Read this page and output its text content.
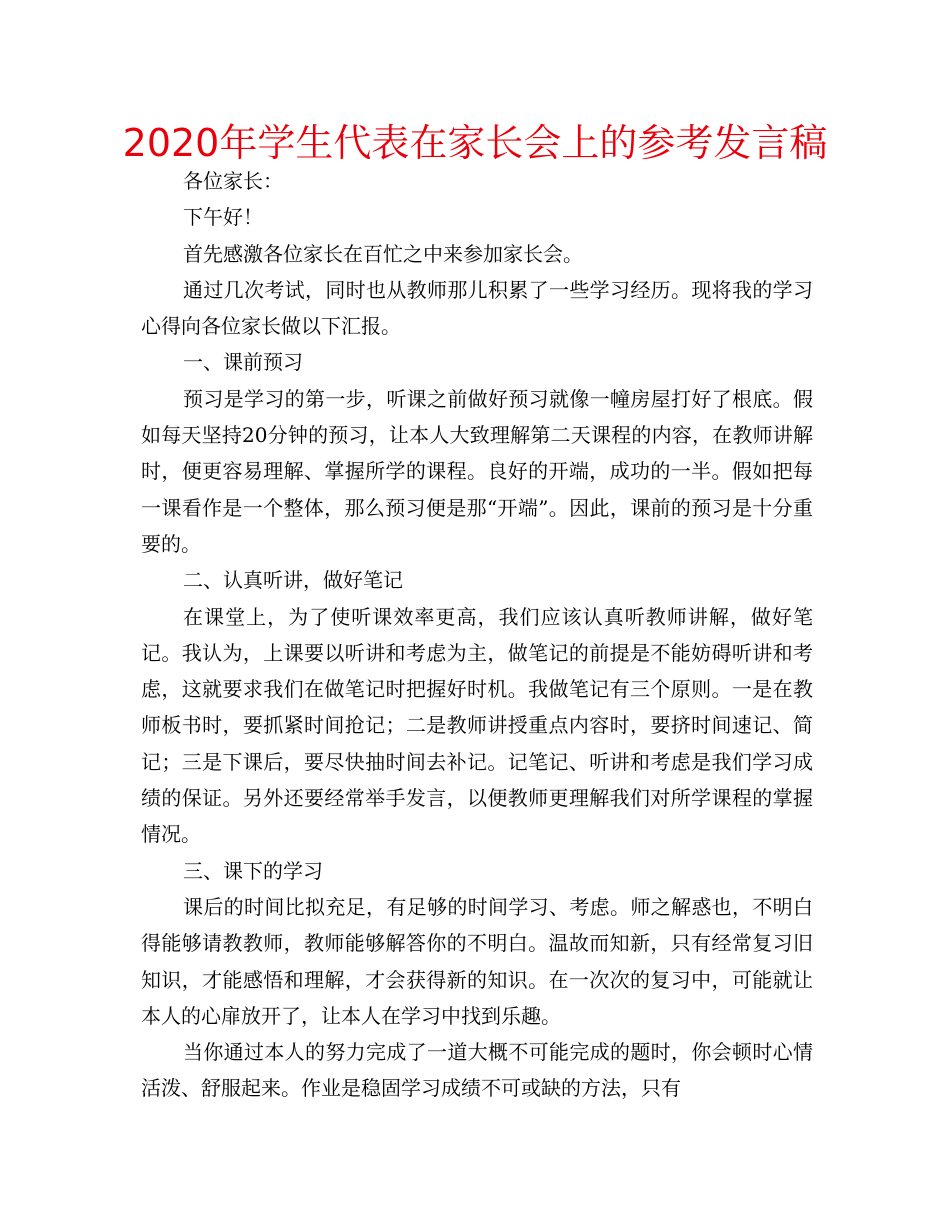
2020年学生代表在家长会上的参考发言稿

各位家长：

下午好！

首先感激各位家长在百忙之中来参加家长会。

通过几次考试，同时也从教师那儿积累了一些学习经历。现将我的学习心得向各位家长做以下汇报。

一、课前预习

预习是学习的第一步，听课之前做好预习就像一幢房屋打好了根底。假如每天坚持20分钟的预习，让本人大致理解第二天课程的内容，在教师讲解时，便更容易理解、掌握所学的课程。良好的开端，成功的一半。假如把每一课看作是一个整体，那么预习便是那“开端”。因此，课前的预习是十分重要的。

二、认真听讲，做好笔记

在课堂上，为了使听课效率更高，我们应该认真听教师讲解，做好笔记。我认为，上课要以听讲和考虑为主，做笔记的前提是不能妨碍听讲和考虑，这就要求我们在做笔记时把握好时机。我做笔记有三个原则。一是在教师板书时，要抓紧时间抢记；二是教师讲授重点内容时，要挤时间速记、简记；三是下课后，要尽快抽时间去补记。记笔记、听讲和考虑是我们学习成绩的保证。另外还要经常举手发言，以便教师更理解我们对所学课程的掌握情况。

三、课下的学习

课后的时间比拟充足，有足够的时间学习、考虑。师之解惑也，不明白得能够请教教师，教师能够解答你的不明白。温故而知新，只有经常复习旧知识，才能感悟和理解，才会获得新的知识。在一次次的复习中，可能就让本人的心扉放开了，让本人在学习中找到乐趣。

当你通过本人的努力完成了一道大概不可能完成的题时，你会顿时心情活泼、舒服起来。作业是稳固学习成绩不可或缺的方法，只有
